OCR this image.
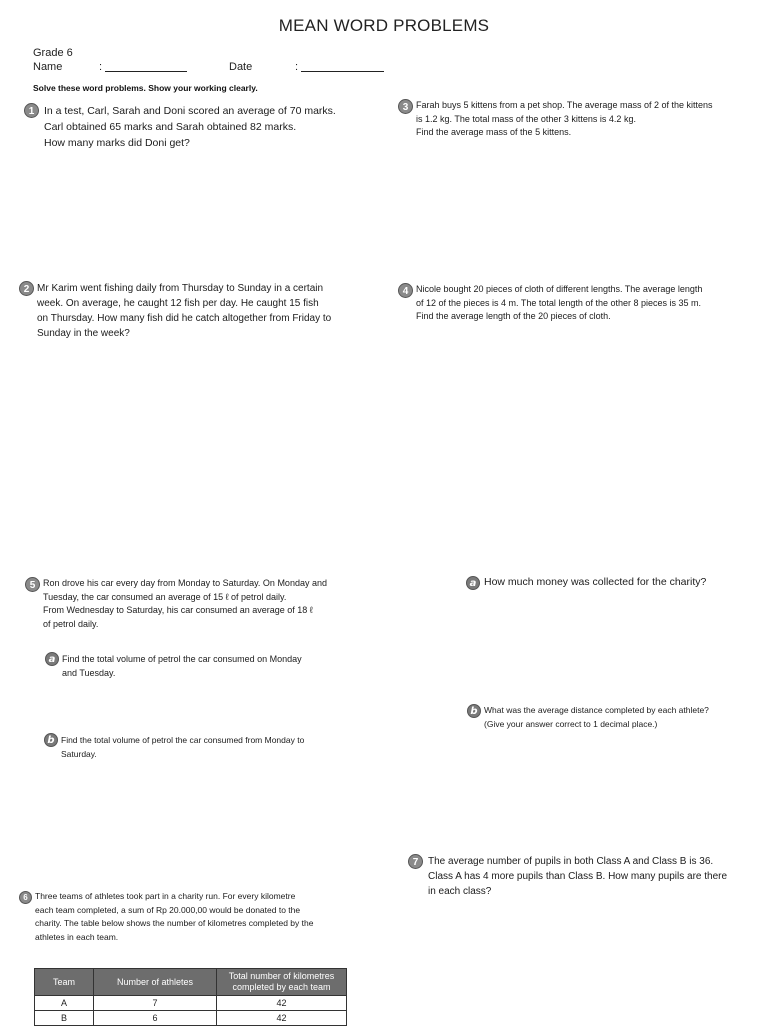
MEAN WORD PROBLEMS
Grade 6
Name	:	Date	:
Solve these word problems. Show your working clearly.
1 In a test, Carl, Sarah and Doni scored an average of 70 marks.
Carl obtained 65 marks and Sarah obtained 82 marks.
How many marks did Doni get?
3 Farah buys 5 kittens from a pet shop. The average mass of 2 of the kittens
is 1.2 kg. The total mass of the other 3 kittens is 4.2 kg.
Find the average mass of the 5 kittens.
2 Mr Karim went fishing daily from Thursday to Sunday in a certain
week. On average, he caught 12 fish per day. He caught 15 fish
on Thursday. How many fish did he catch altogether from Friday to
Sunday in the week?
4 Nicole bought 20 pieces of cloth of different lengths. The average length
of 12 of the pieces is 4 m. The total length of the other 8 pieces is 35 m.
Find the average length of the 20 pieces of cloth.
5 Ron drove his car every day from Monday to Saturday. On Monday and
Tuesday, the car consumed an average of 15 ℓ of petrol daily.
From Wednesday to Saturday, his car consumed an average of 18 ℓ
of petrol daily.
a Find the total volume of petrol the car consumed on Monday
and Tuesday.
b Find the total volume of petrol the car consumed from Monday to
Saturday.
a How much money was collected for the charity?
b What was the average distance completed by each athlete?
(Give your answer correct to 1 decimal place.)
7 The average number of pupils in both Class A and Class B is 36.
Class A has 4 more pupils than Class B. How many pupils are there
in each class?
6 Three teams of athletes took part in a charity run. For every kilometre
each team completed, a sum of Rp 20.000,00 would be donated to the
charity. The table below shows the number of kilometres completed by the
athletes in each team.
Team	Number of athletes	Total number of kilometres completed by each team
A	7	42
B	6	42
